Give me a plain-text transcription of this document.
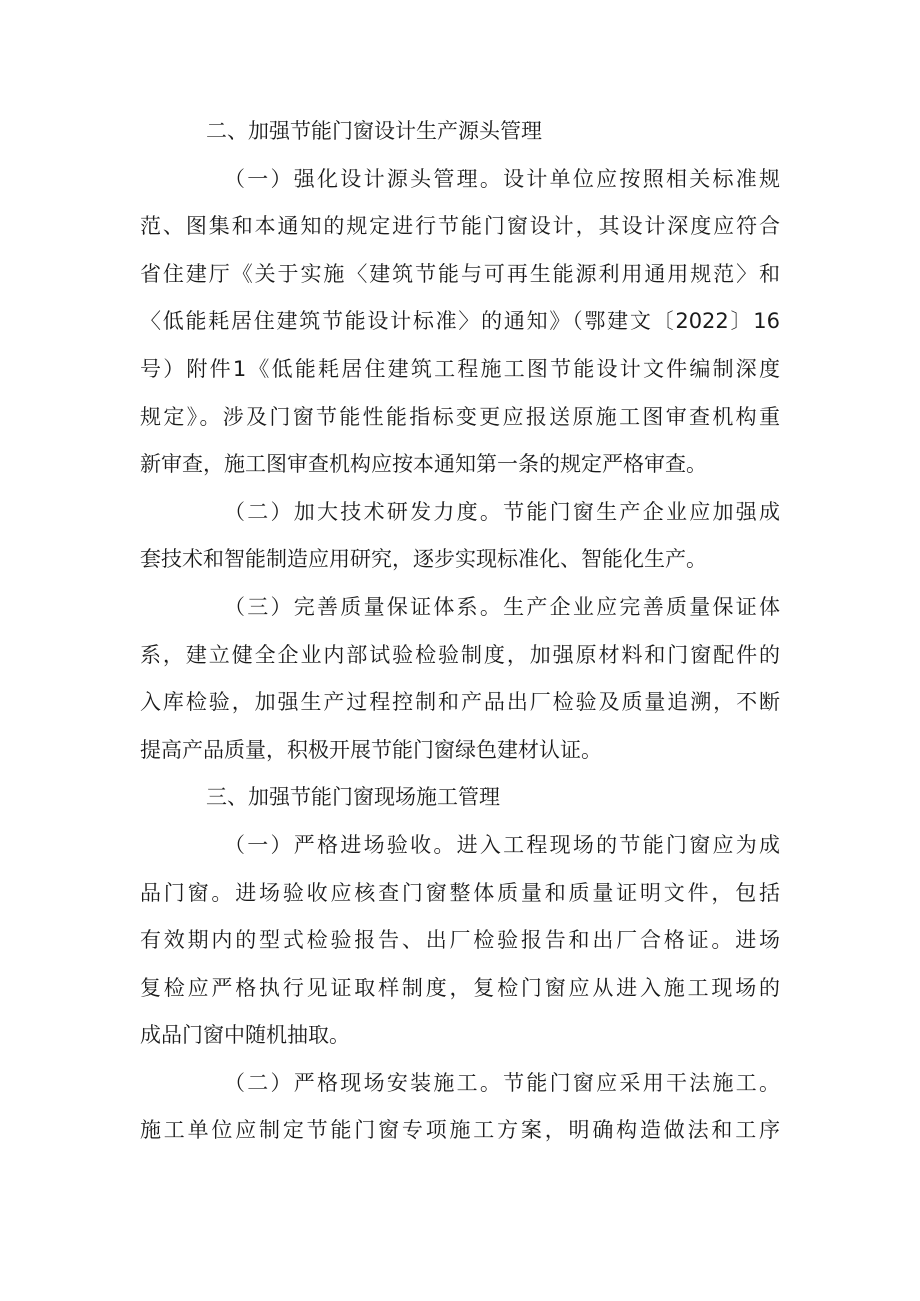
二、加强节能门窗设计生产源头管理
（一）强化设计源头管理。设计单位应按照相关标准规
范、图集和本通知的规定进行节能门窗设计，其设计深度应符合
省住建厅《关于实施〈建筑节能与可再生能源利用通用规范〉和
〈低能耗居住建筑节能设计标准〉的通知》（鄂建文〔2022〕16
号）附件1《低能耗居住建筑工程施工图节能设计文件编制深度
规定》。涉及门窗节能性能指标变更应报送原施工图审查机构重
新审查，施工图审查机构应按本通知第一条的规定严格审查。
（二）加大技术研发力度。节能门窗生产企业应加强成
套技术和智能制造应用研究，逐步实现标准化、智能化生产。
（三）完善质量保证体系。生产企业应完善质量保证体
系，建立健全企业内部试验检验制度，加强原材料和门窗配件的
入库检验，加强生产过程控制和产品出厂检验及质量追溯，不断
提高产品质量，积极开展节能门窗绿色建材认证。
三、加强节能门窗现场施工管理
（一）严格进场验收。进入工程现场的节能门窗应为成
品门窗。进场验收应核查门窗整体质量和质量证明文件，包括
有效期内的型式检验报告、出厂检验报告和出厂合格证。进场
复检应严格执行见证取样制度，复检门窗应从进入施工现场的
成品门窗中随机抽取。
（二）严格现场安装施工。节能门窗应采用干法施工。
施工单位应制定节能门窗专项施工方案，明确构造做法和工序
